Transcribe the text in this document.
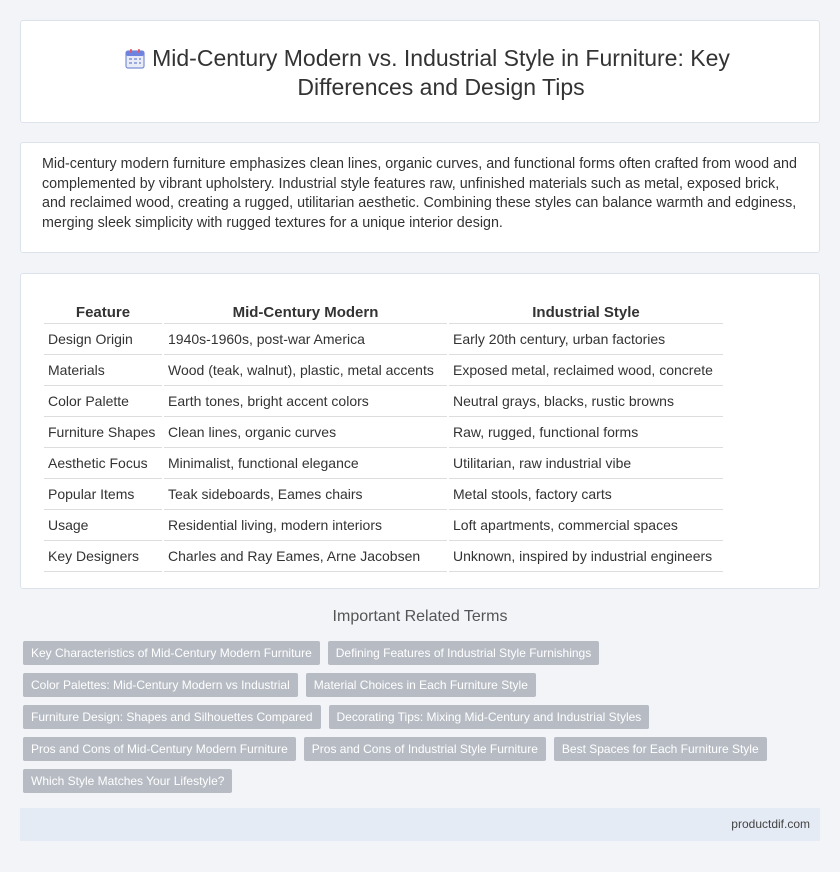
Mid-Century Modern vs. Industrial Style in Furniture: Key Differences and Design Tips

Mid-century modern furniture emphasizes clean lines, organic curves, and functional forms often crafted from wood and complemented by vibrant upholstery. Industrial style features raw, unfinished materials such as metal, exposed brick, and reclaimed wood, creating a rugged, utilitarian aesthetic. Combining these styles can balance warmth and edginess, merging sleek simplicity with rugged textures for a unique interior design.

Feature	Mid-Century Modern	Industrial Style
Design Origin	1940s-1960s, post-war America	Early 20th century, urban factories
Materials	Wood (teak, walnut), plastic, metal accents	Exposed metal, reclaimed wood, concrete
Color Palette	Earth tones, bright accent colors	Neutral grays, blacks, rustic browns
Furniture Shapes	Clean lines, organic curves	Raw, rugged, functional forms
Aesthetic Focus	Minimalist, functional elegance	Utilitarian, raw industrial vibe
Popular Items	Teak sideboards, Eames chairs	Metal stools, factory carts
Usage	Residential living, modern interiors	Loft apartments, commercial spaces
Key Designers	Charles and Ray Eames, Arne Jacobsen	Unknown, inspired by industrial engineers
Important Related Terms
Key Characteristics of Mid-Century Modern Furniture	Defining Features of Industrial Style Furnishings
Color Palettes: Mid-Century Modern vs Industrial	Material Choices in Each Furniture Style
Furniture Design: Shapes and Silhouettes Compared	Decorating Tips: Mixing Mid-Century and Industrial Styles
Pros and Cons of Mid-Century Modern Furniture	Pros and Cons of Industrial Style Furniture	Best Spaces for Each Furniture Style
Which Style Matches Your Lifestyle?
productdif.com
